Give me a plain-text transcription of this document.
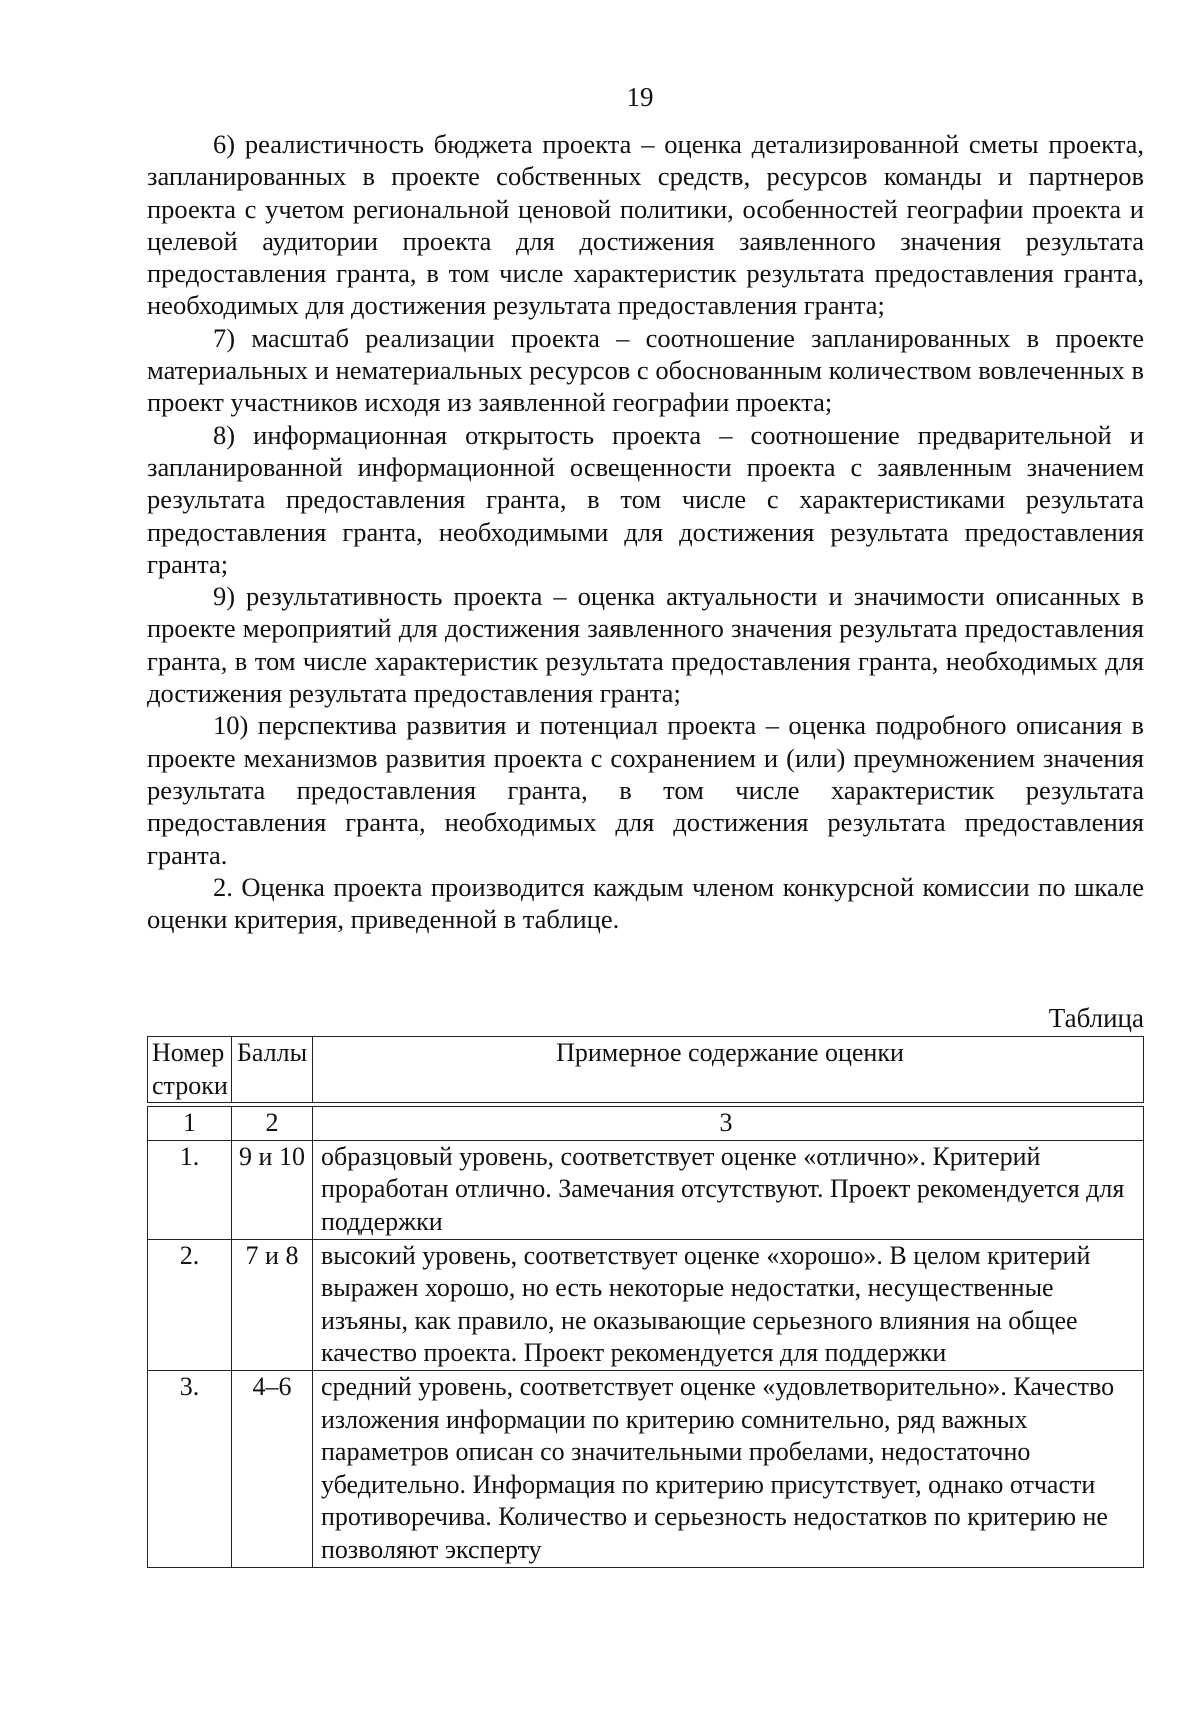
19

6) реалистичность бюджета проекта – оценка детализированной сметы проекта, запланированных в проекте собственных средств, ресурсов команды и партнеров проекта с учетом региональной ценовой политики, особенностей географии проекта и целевой аудитории проекта для достижения заявленного значения результата предоставления гранта, в том числе характеристик результата предоставления гранта, необходимых для достижения результата предоставления гранта;

7) масштаб реализации проекта – соотношение запланированных в проекте материальных и нематериальных ресурсов с обоснованным количеством вовлеченных в проект участников исходя из заявленной географии проекта;

8) информационная открытость проекта – соотношение предварительной и запланированной информационной освещенности проекта с заявленным значением результата предоставления гранта, в том числе с характеристиками результата предоставления гранта, необходимыми для достижения результата предоставления гранта;

9) результативность проекта – оценка актуальности и значимости описанных в проекте мероприятий для достижения заявленного значения результата предоставления гранта, в том числе характеристик результата предоставления гранта, необходимых для достижения результата предоставления гранта;

10) перспектива развития и потенциал проекта – оценка подробного описания в проекте механизмов развития проекта с сохранением и (или) преумножением значения результата предоставления гранта, в том числе характеристик результата предоставления гранта, необходимых для достижения результата предоставления гранта.

2. Оценка проекта производится каждым членом конкурсной комиссии по шкале оценки критерия, приведенной в таблице.

Таблица
Номер строки	Баллы	Примерное содержание оценки

1	2	3
1.	9 и 10	образцовый уровень, соответствует оценке «отлично». Критерий проработан отлично. Замечания отсутствуют. Проект рекомендуется для поддержки
2.	7 и 8	высокий уровень, соответствует оценке «хорошо». В целом критерий выражен хорошо, но есть некоторые недостатки, несущественные изъяны, как правило, не оказывающие серьезного влияния на общее качество проекта. Проект рекомендуется для поддержки
3.	4–6	средний уровень, соответствует оценке «удовлетворительно». Качество изложения информации по критерию сомнительно, ряд важных параметров описан со значительными пробелами, недостаточно убедительно. Информация по критерию присутствует, однако отчасти противоречива. Количество и серьезность недостатков по критерию не позволяют эксперту
